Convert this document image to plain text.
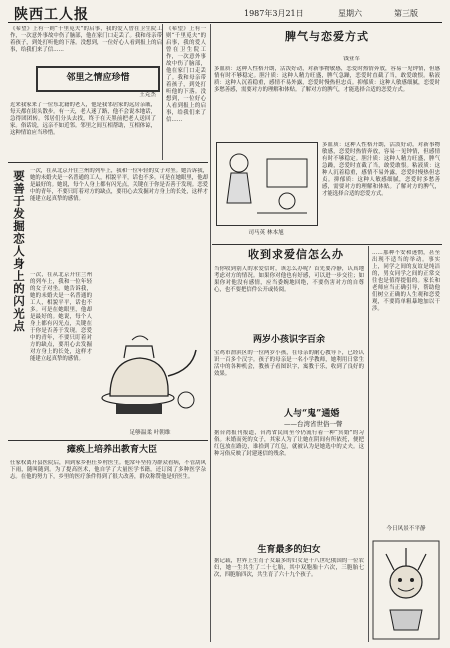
陕西工人报	1987年3月21日	星期六	第三版

《希望》上有一则“千里觅夫”的启事，我的爱人曾在卫生院工作，一次意外事故中伤了脑部，他在家门口走丢了。我和母亲带着孩子，到处打听他的下落。没想到，一位好心人看到报上的启事，给我们来了信……

邻里之情应珍惜
王克杰

近来我家来了一位东北籍的老人，他是我邻居家的远房亲戚，每天都在街头散步。有一天，老人迷了路，他不会说本地话，急得团团转。邻居们分头去找，终于在天黑前把老人送回了家。俗话说，远亲不如近邻。邻里之间互相帮助，互相体谅，这种情谊应当珍惜。

《希望》上有一则“千里觅夫”的启事，我的爱人曾在卫生院工作，一次意外事故中伤了脑部，他在家门口走丢了。我和母亲带着孩子，到处打听他的下落。没想到，一位好心人看到报上的启事，给我们来了信……

要善于发掘恋人身上的闪光点 一次，在从北京开往兰州的列车上，我和一位年轻的女子对坐。她告诉我，她的未婚夫是一名普通的工人，相貌平平，话也不多。可是在她眼里，他却是最好的。她说，每个人身上都有闪光点，关键在于你是否善于发现。恋爱中的青年，不要只盯着对方的缺点，要用心去发掘对方身上的长处，这样才能建立起真挚的感情。

足够温柔 叶朝维

一次，在从北京开往兰州的列车上，我和一位年轻的女子对坐。她告诉我，她的未婚夫是一名普通的工人，相貌平平，话也不多。可是在她眼里，他却是最好的。她说，每个人身上都有闪光点，关键在于你是否善于发现。恋爱中的青年，不要只盯着对方的缺点，要用心去发掘对方身上的长处，这样才能建立起真挚的感情。

瘫痪上培养出教育大臣

任家权离开县医院后，回到家乡担任乡村医生。他常年坚持为群众看病，不管刮风下雨，随叫随到。为了提高医术，他自学了大量医学书籍，还订阅了多种医学杂志。在他的努力下，乡里的医疗条件得到了很大改善，群众称赞他是好医生。

脾气与恋爱方式
钱亚军

多血质：这种人性格开朗，活泼好动，对新事物敏感，恋爱时热情奔放，容易一见钟情，但感情有时不够稳定。胆汁质：这种人精力旺盛，脾气急躁，恋爱时直截了当，敢爱敢恨。粘液质：这种人沉着稳重，感情不易外露，恋爱时慢热但忠贞。抑郁质：这种人敏感细腻，恋爱时多愁善感，需要对方的理解和体贴。了解对方的脾气，才能选择合适的恋爱方式。

司马英 林本旭

多血质：这种人性格开朗，活泼好动，对新事物敏感，恋爱时热情奔放，容易一见钟情，但感情有时不够稳定。胆汁质：这种人精力旺盛，脾气急躁，恋爱时直截了当，敢爱敢恨。粘液质：这种人沉着稳重，感情不易外露，恋爱时慢热但忠贞。抑郁质：这种人敏感细腻，恋爱时多愁善感，需要对方的理解和体贴。了解对方的脾气，才能选择合适的恋爱方式。

收到求爱信怎么办

当你收到别人的求爱信时，该怎么办呢？首先要冷静，认真地考虑对方的情况。如果你对他也有好感，可以进一步交往；如果你对他没有感情，应当委婉地回绝，不要伤害对方的自尊心，也不要把信件公开或传阅。

两岁小孩识字百余

宝鸡市渭滨区的一位两岁小孩，在母亲的耐心教导下，已经认识一百多个汉字。孩子的母亲是一名小学教师，她利用日常生活中的各种机会，教孩子看图识字，寓教于乐，收到了良好的效果。

人与“鬼”通婚
——台湾省世俗一瞥

据台湾报刊报道，台湾省民间至今仍流行着一种“冥婚”的习俗。未婚而死的女子，其家人为了让她在阴间有所依托，便把红包放在路边，谁拾到了红包，就被认为是她选中的丈夫。这种习俗反映了封建迷信的残余。

生育最多的妇女

据记载，世界上生育子女最多的妇女是十八世纪俄国的一位农妇，她一生共生了二十七胎，其中双胞胎十六次，三胞胎七次，四胞胎四次，共生育了六十九个孩子。

……那种不安和迷惘，甚至出现不适当的举动。事实上，同学之间的友谊是纯洁的，男女同学之间的正常交往也是值得提倡的。家长和老师应当正确引导，帮助他们树立正确的人生观和恋爱观，不要简单粗暴地加以干涉。

今日风景不平静
